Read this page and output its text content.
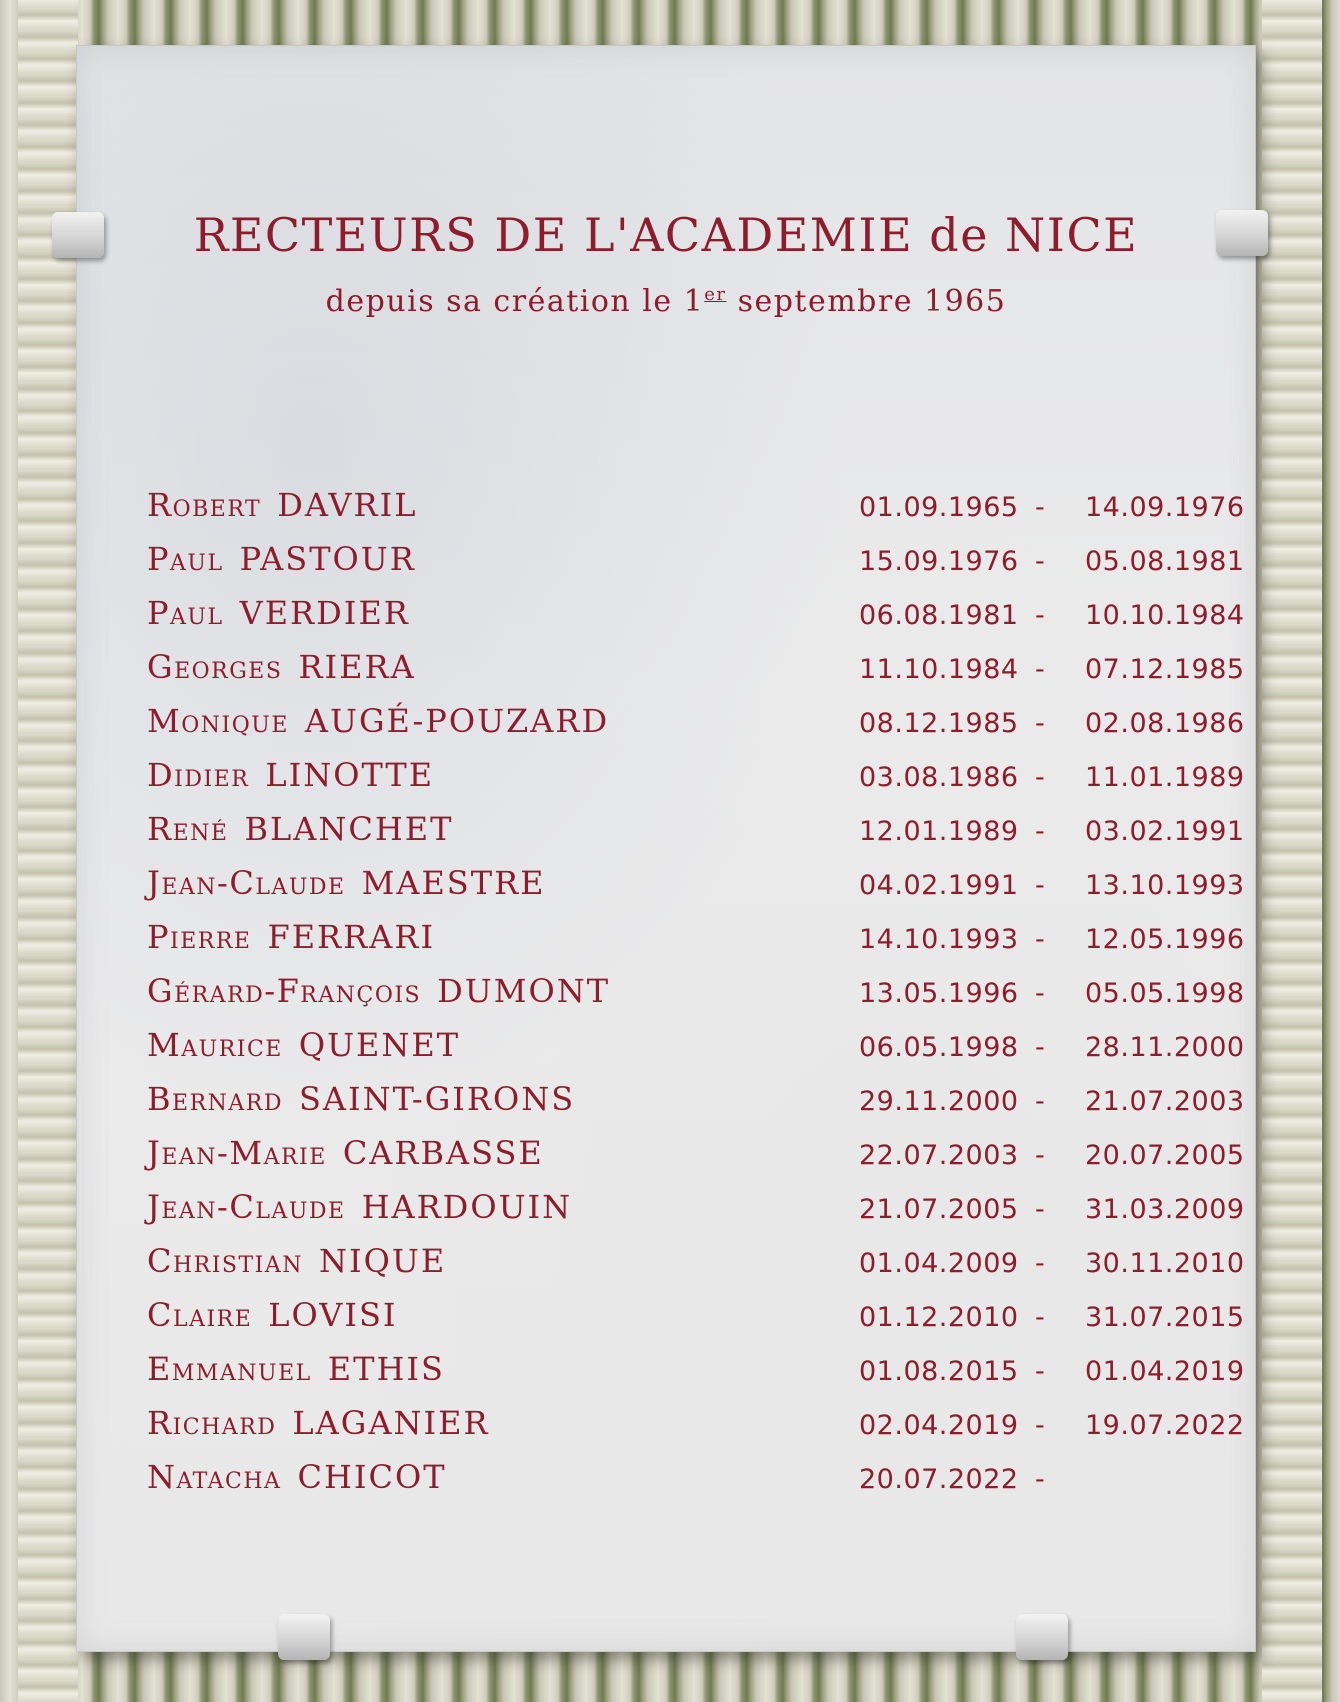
RECTEURS DE L'ACADEMIE de NICE
depuis sa création le 1er septembre 1965
Robert DAVRIL	01.09.1965 - 14.09.1976
Paul PASTOUR	15.09.1976 - 05.08.1981
Paul VERDIER	06.08.1981 - 10.10.1984
Georges RIERA	11.10.1984 - 07.12.1985
Monique AUGÉ-POUZARD	08.12.1985 - 02.08.1986
Didier LINOTTE	03.08.1986 - 11.01.1989
René BLANCHET	12.01.1989 - 03.02.1991
Jean-Claude MAESTRE	04.02.1991 - 13.10.1993
Pierre FERRARI	14.10.1993 - 12.05.1996
Gérard-François DUMONT	13.05.1996 - 05.05.1998
Maurice QUENET	06.05.1998 - 28.11.2000
Bernard SAINT-GIRONS	29.11.2000 - 21.07.2003
Jean-Marie CARBASSE	22.07.2003 - 20.07.2005
Jean-Claude HARDOUIN	21.07.2005 - 31.03.2009
Christian NIQUE	01.04.2009 - 30.11.2010
Claire LOVISI	01.12.2010 - 31.07.2015
Emmanuel ETHIS	01.08.2015 - 01.04.2019
Richard LAGANIER	02.04.2019 - 19.07.2022
Natacha CHICOT	20.07.2022 -
